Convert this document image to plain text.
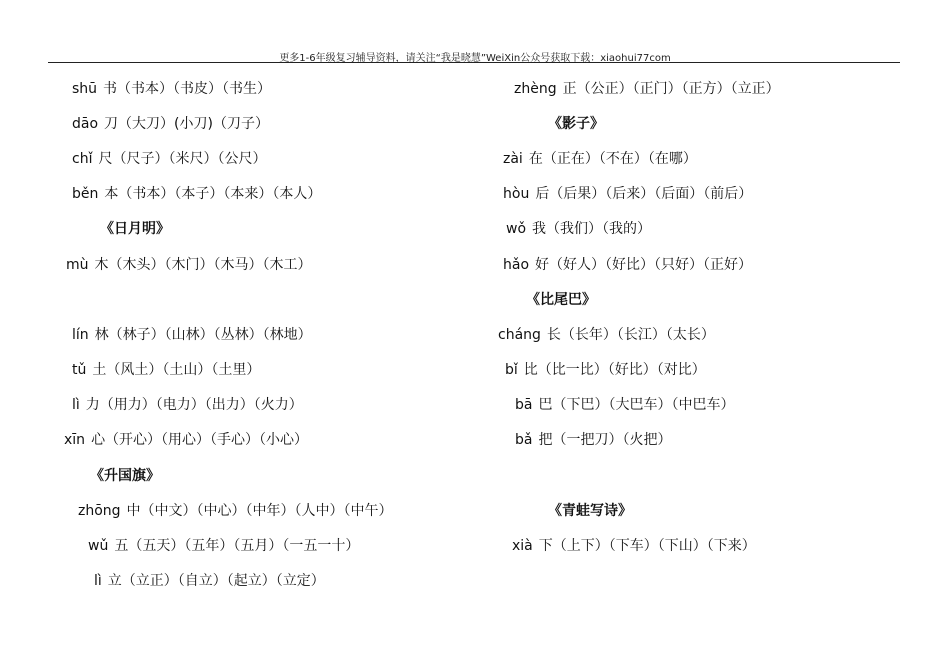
更多1-6年级复习辅导资料，请关注“我是晓慧”WeiXin公众号获取下载：xiaohui77com
shū 书（书本）（书皮）（书生）
dāo 刀（大刀）(小刀)（刀子）
chǐ 尺（尺子）（米尺）（公尺）
běn 本（书本）（本子）（本来）（本人）
《日月明》
mù 木（木头）（木门）（木马）（木工）
lín 林（林子）（山林）（丛林）（林地）
tǔ 土（风土）（土山）（土里）
lì 力（用力）（电力）（出力）（火力）
xīn 心（开心）（用心）（手心）（小心）
《升国旗》
zhōng 中（中文）（中心）（中年）（人中）（中午）
wǔ 五（五天）（五年）（五月）（一五一十）
lì 立（立正）（自立）（起立）（立定）
zhèng 正（公正）（正门）（正方）（立正）
《影子》
zài 在（正在）（不在）（在哪）
hòu 后（后果）（后来）（后面）（前后）
wǒ 我（我们）（我的）
hǎo 好（好人）（好比）（只好）（正好）
《比尾巴》
cháng 长（长年）（长江）（太长）
bǐ 比（比一比）（好比）（对比）
bā 巴（下巴）（大巴车）（中巴车）
bǎ 把（一把刀）（火把）
《青蛙写诗》
xià 下（上下）（下车）（下山）（下来）
